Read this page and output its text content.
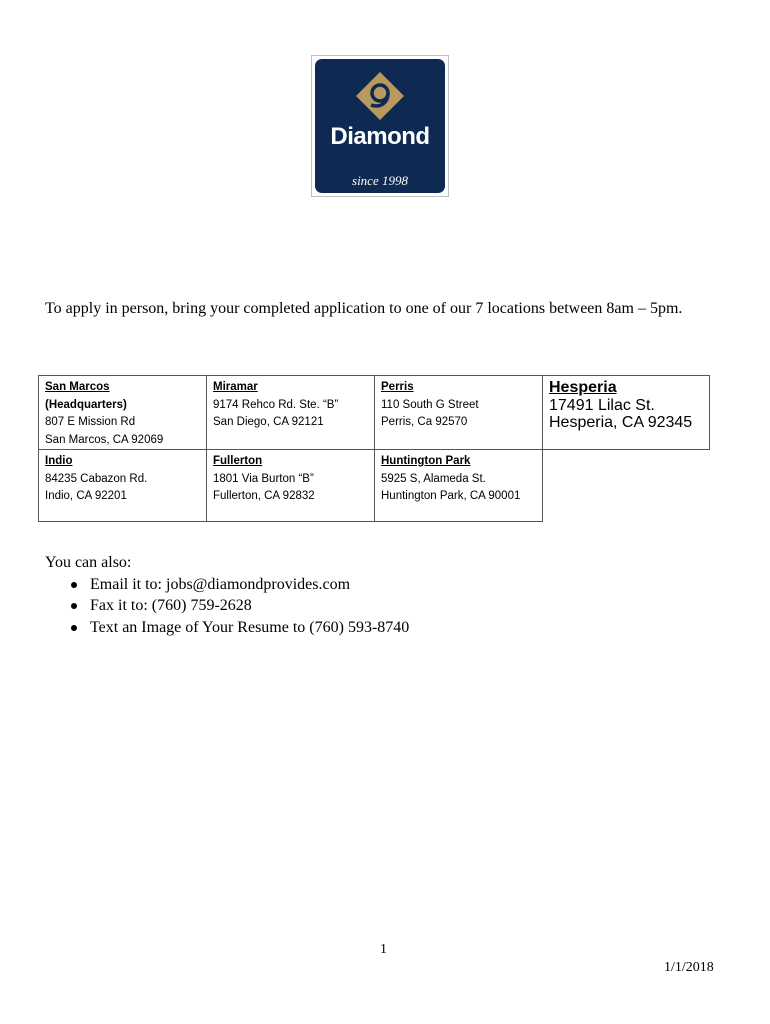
Diamond
since 1998
To apply in person, bring your completed application to one of our 7 locations between 8am – 5pm.
San Marcos
(Headquarters)
807 E Mission Rd
San Marcos, CA 92069	Miramar
9174 Rehco Rd. Ste. “B”
San Diego, CA 92121	Perris
110 South G Street
Perris, Ca 92570	Hesperia
17491 Lilac St.
Hesperia, CA 92345

Indio
84235 Cabazon Rd.
Indio, CA 92201	Fullerton
1801 Via Burton “B”
Fullerton, CA 92832	Huntington Park
5925 S, Alameda St.
Huntington Park, CA 90001	

You can also:
Email it to: jobs@diamondprovides.com
Fax it to: (760) 759-2628
Text an Image of Your Resume to (760) 593-8740
1
1/1/2018
